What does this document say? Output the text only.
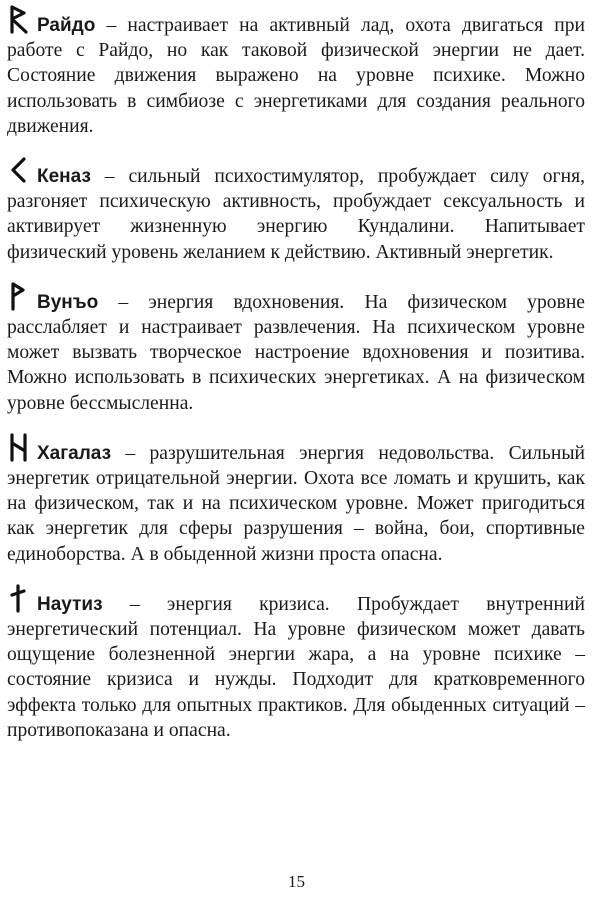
Райдо – настраивает на активный лад, охота двигаться при работе с Райдо, но как таковой физической энергии не дает. Состояние движения выражено на уровне психике. Можно использовать в симбиозе с энергетиками для создания реального движения.

Кеназ – сильный психостимулятор, пробуждает силу огня, разгоняет психическую активность, пробуждает сексуальность и активирует жизненную энергию Кундалини. Напитывает физический уровень желанием к действию. Активный энергетик.

Вунъо – энергия вдохновения. На физическом уровне расслабляет и настраивает развлечения. На психическом уровне может вызвать творческое настроение вдохновения и позитива. Можно использовать в психических энергетиках. А на физическом уровне бессмысленна.

Хагалаз – разрушительная энергия недовольства. Сильный энергетик отрицательной энергии. Охота все ломать и крушить, как на физическом, так и на психическом уровне. Может пригодиться как энергетик для сферы разрушения – война, бои, спортивные единоборства. А в обыденной жизни проста опасна.

Наутиз – энергия кризиса. Пробуждает внутренний энергетический потенциал. На уровне физическом может давать ощущение болезненной энергии жара, а на уровне психике – состояние кризиса и нужды. Подходит для кратковременного эффекта только для опытных практиков. Для обыденных ситуаций – противопоказана и опасна.

15
